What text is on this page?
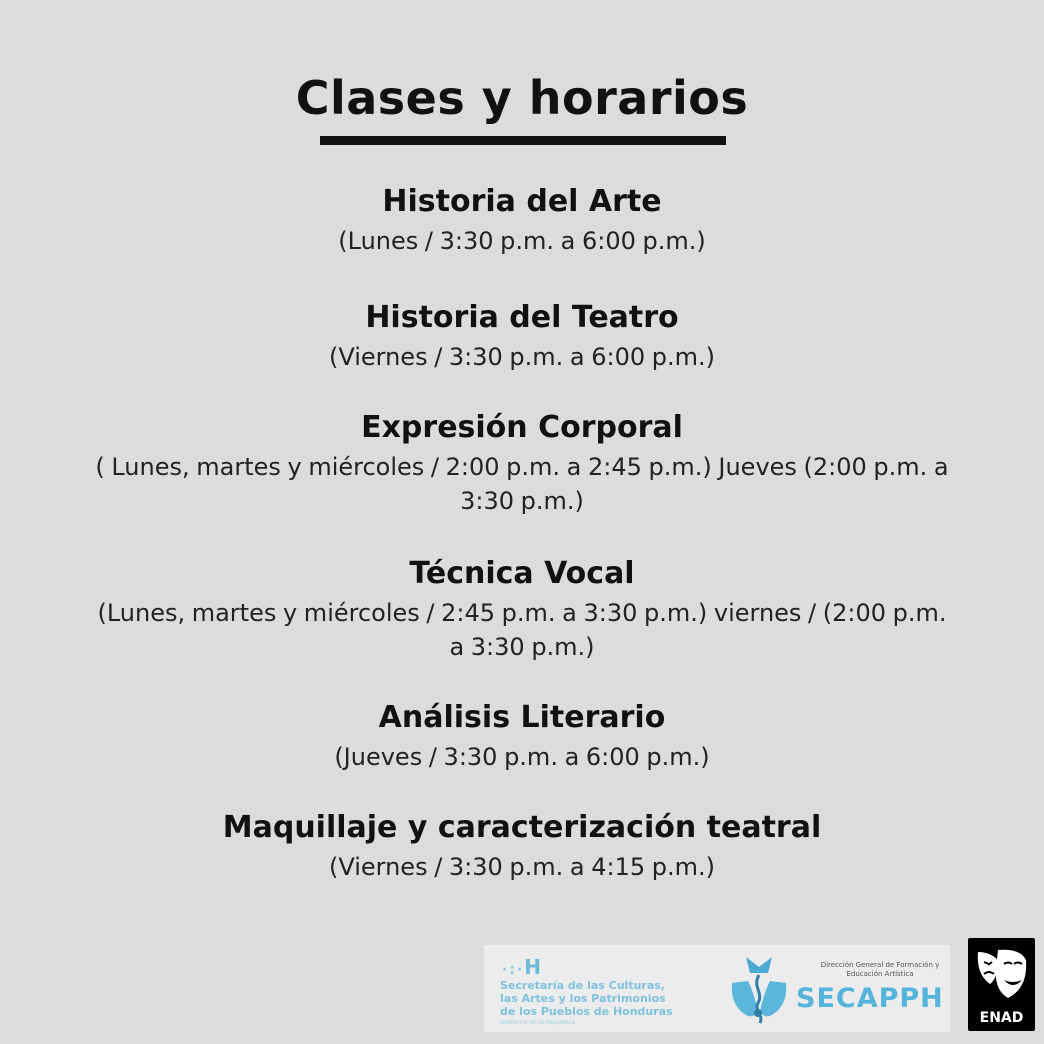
Clases y horarios
Historia del Arte
(Lunes / 3:30 p.m. a 6:00 p.m.)
Historia del Teatro
(Viernes / 3:30 p.m. a 6:00 p.m.)
Expresión Corporal
( Lunes, martes y miércoles / 2:00 p.m. a 2:45 p.m.) Jueves (2:00 p.m. a 3:30 p.m.)
Técnica Vocal
(Lunes, martes y miércoles / 2:45 p.m. a 3:30 p.m.) viernes / (2:00 p.m. a 3:30 p.m.)
Análisis Literario
(Jueves / 3:30 p.m. a 6:00 p.m.)
Maquillaje y caracterización teatral
(Viernes / 3:30 p.m. a 4:15 p.m.)
·:·H
Secretaría de las Culturas,
las Artes y los Patrimonios
de los Pueblos de Honduras
Gobierno de la República
Dirección General de Formación y Educación Artística
SECAPPH
ENAD
